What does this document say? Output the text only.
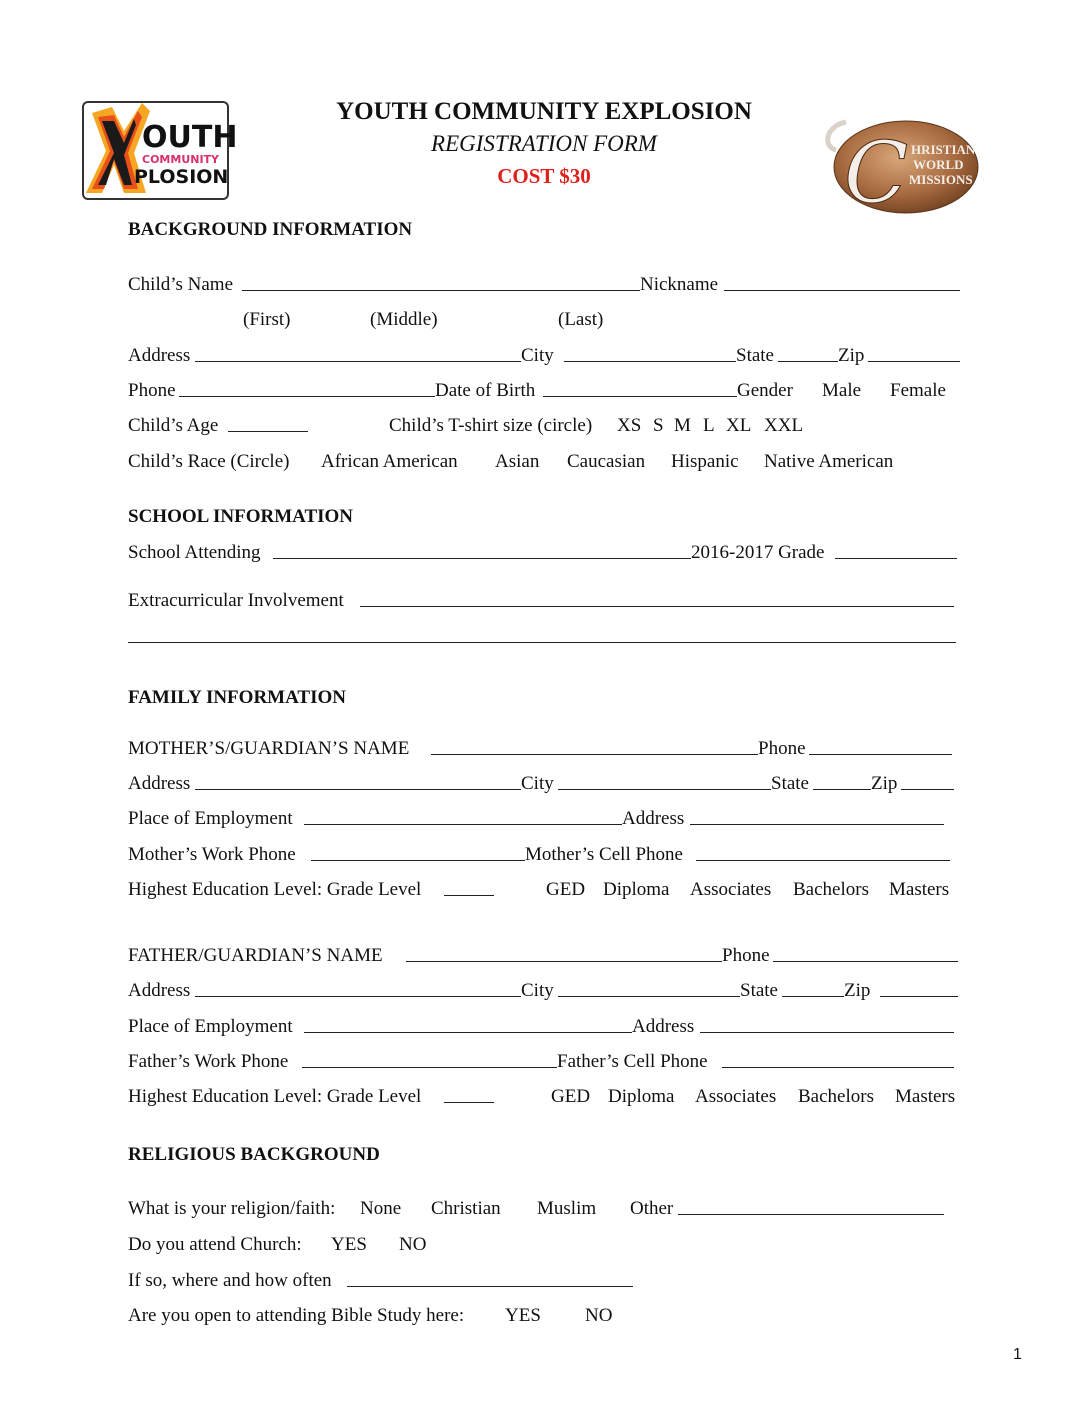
OUTH
COMMUNITY
PLOSION	C HRISTIAN
WORLD
MISSIONS
YOUTH COMMUNITY EXPLOSION
REGISTRATION FORM
COST $30
BACKGROUND INFORMATION
Child’s Name	Nickname
(First)	(Middle)	(Last)
Address	City	State	Zip
Phone	Date of Birth	Gender Male Female
Child’s Age	Child’s T-shirt size (circle) XS S M L XL XXL
Child’s Race (Circle) African American Asian Caucasian Hispanic Native American
SCHOOL INFORMATION
School Attending	2016-2017 Grade
Extracurricular Involvement
FAMILY INFORMATION
MOTHER’S/GUARDIAN’S NAME	Phone
Address	City	State	Zip
Place of Employment	Address
Mother’s Work Phone	Mother’s Cell Phone
Highest Education Level: Grade Level	GED Diploma Associates Bachelors Masters
FATHER/GUARDIAN’S NAME	Phone
Address	City	State	Zip
Place of Employment	Address
Father’s Work Phone	Father’s Cell Phone
Highest Education Level: Grade Level	GED Diploma Associates Bachelors Masters
RELIGIOUS BACKGROUND
What is your religion/faith: None Christian Muslim Other
Do you attend Church: YES NO
If so, where and how often
Are you open to attending Bible Study here: YES NO
1
